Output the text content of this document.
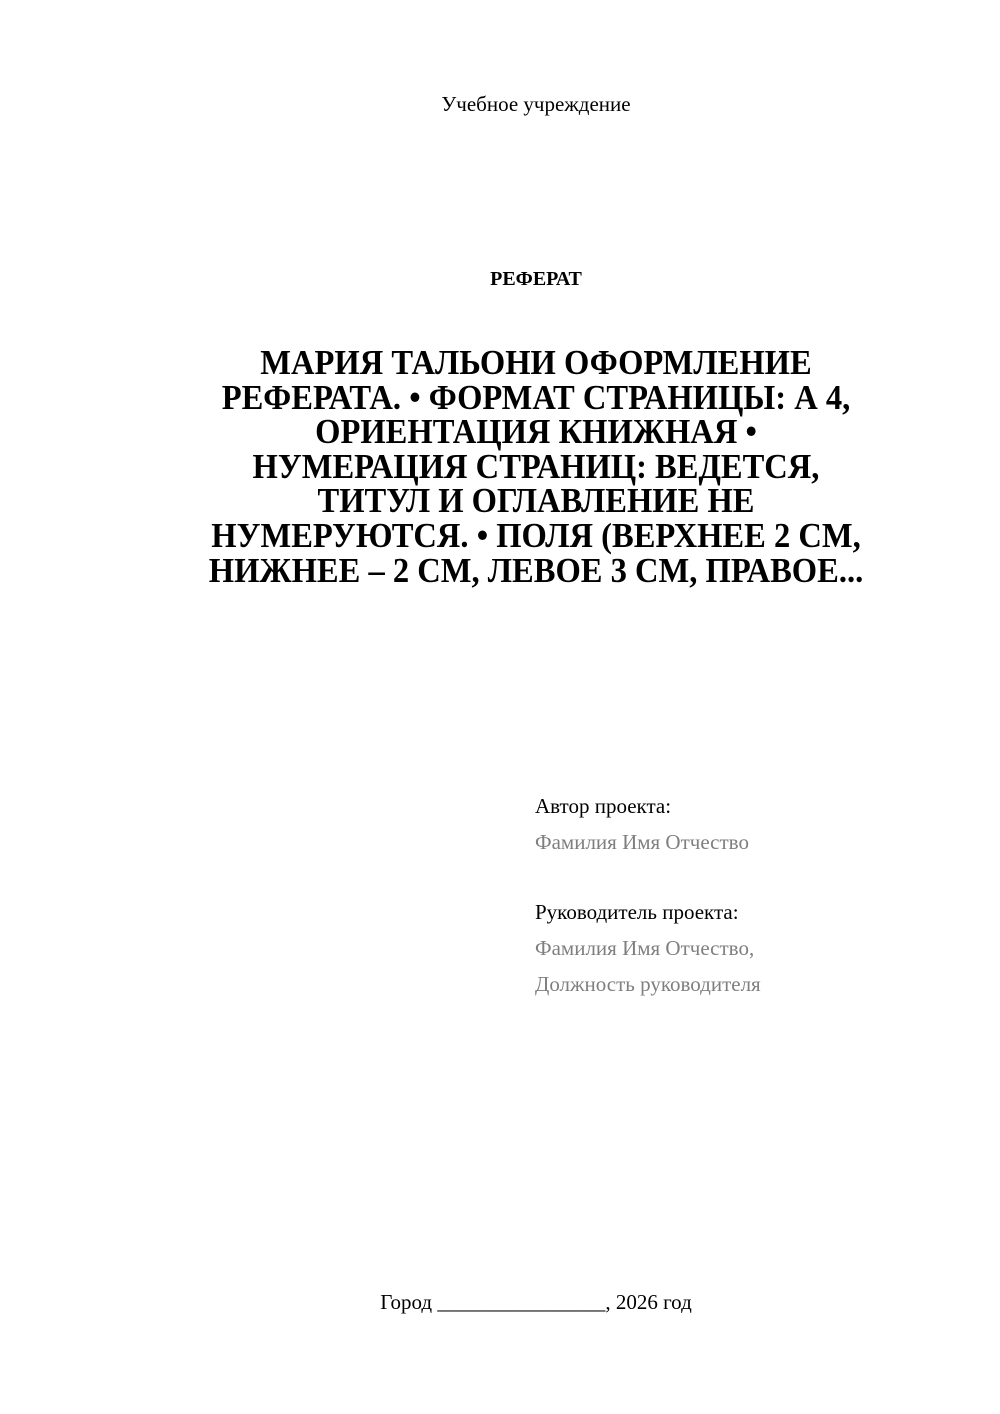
Учебное учреждение
РЕФЕРАТ
МАРИЯ ТАЛЬОНИ ОФОРМЛЕНИЕ
РЕФЕРАТА. • ФОРМАТ СТРАНИЦЫ: А 4,
ОРИЕНТАЦИЯ КНИЖНАЯ •
НУМЕРАЦИЯ СТРАНИЦ: ВЕДЕТСЯ,
ТИТУЛ И ОГЛАВЛЕНИЕ НЕ
НУМЕРУЮТСЯ. • ПОЛЯ (ВЕРХНЕЕ 2 СМ,
НИЖНЕЕ – 2 СМ, ЛЕВОЕ 3 СМ, ПРАВОЕ...
Автор проекта:
Фамилия Имя Отчество
Руководитель проекта:
Фамилия Имя Отчество,
Должность руководителя
Город ________________, 2026 год
